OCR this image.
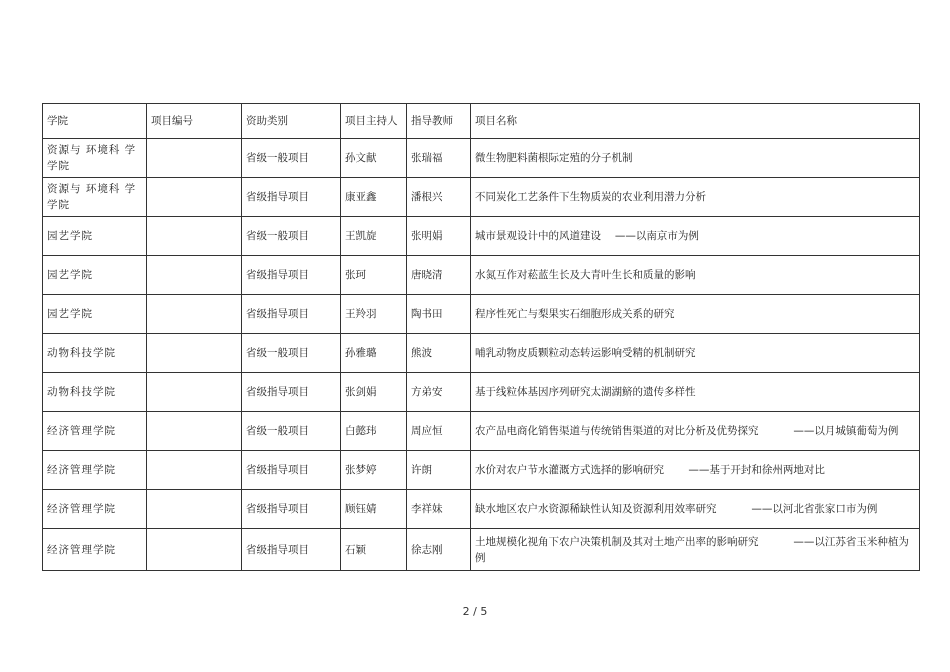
学院	项目编号	资助类别	项目主持人	指导教师	项目名称
资源与 环境科 学学院		省级一般项目	孙文献	张瑞福	微生物肥料菌根际定殖的分子机制
资源与 环境科 学学院		省级指导项目	康亚鑫	潘根兴	不同炭化工艺条件下生物质炭的农业利用潜力分析
园艺学院		省级一般项目	王凯旋	张明娟	城市景观设计中的风道建设　 ——以南京市为例
园艺学院		省级指导项目	张珂	唐晓清	水氮互作对菘蓝生长及大青叶生长和质量的影响
园艺学院		省级指导项目	王羚羽	陶书田	程序性死亡与梨果实石细胞形成关系的研究
动物科技学院		省级一般项目	孙雅璐	熊波	哺乳动物皮质颗粒动态转运影响受精的机制研究
动物科技学院		省级指导项目	张剑娟	方弟安	基于线粒体基因序列研究太湖湖鲚的遗传多样性
经济管理学院		省级一般项目	白懿玮	周应恒	农产品电商化销售渠道与传统销售渠道的对比分析及优势探究　　　 ——以月城镇葡萄为例
经济管理学院		省级指导项目	张梦婷	许朗	水价对农户节水灌溉方式选择的影响研究　　 ——基于开封和徐州两地对比
经济管理学院		省级指导项目	顾钰婧	李祥妹	缺水地区农户水资源稀缺性认知及资源利用效率研究　　　 ——以河北省张家口市为例
经济管理学院		省级指导项目	石颖	徐志刚	土地规模化视角下农户决策机制及其对土地产出率的影响研究　　　 ——以江苏省玉米种植为例
2 / 5
